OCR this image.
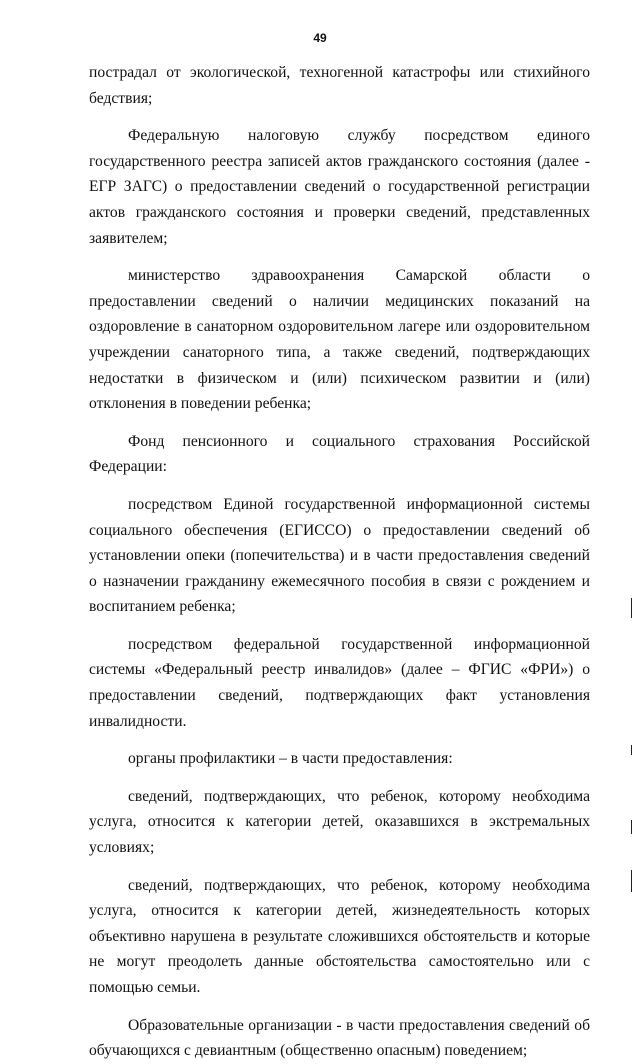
49

пострадал от экологической, техногенной катастрофы или стихийного бедствия;

Федеральную налоговую службу посредством единого государственного реестра записей актов гражданского состояния (далее - ЕГР ЗАГС) о предоставлении сведений о государственной регистрации актов гражданского состояния и проверки сведений, представленных заявителем;

министерство здравоохранения Самарской области о предоставлении сведений о наличии медицинских показаний на оздоровление в санаторном оздоровительном лагере или оздоровительном учреждении санаторного типа, а также сведений, подтверждающих недостатки в физическом и (или) психическом развитии и (или) отклонения в поведении ребенка;

Фонд пенсионного и социального страхования Российской Федерации:

посредством Единой государственной информационной системы социального обеспечения (ЕГИССО) о предоставлении сведений об установлении опеки (попечительства) и в части предоставления сведений о назначении гражданину ежемесячного пособия в связи с рождением и воспитанием ребенка;

посредством федеральной государственной информационной системы «Федеральный реестр инвалидов» (далее – ФГИС «ФРИ») о предоставлении сведений, подтверждающих факт установления инвалидности.

органы профилактики – в части предоставления:

сведений, подтверждающих, что ребенок, которому необходима услуга, относится к категории детей, оказавшихся в экстремальных условиях;

сведений, подтверждающих, что ребенок, которому необходима услуга, относится к категории детей, жизнедеятельность которых объективно нарушена в результате сложившихся обстоятельств и которые не могут преодолеть данные обстоятельства самостоятельно или с помощью семьи.

Образовательные организации - в части предоставления сведений об обучающихся с девиантным (общественно опасным) поведением;
